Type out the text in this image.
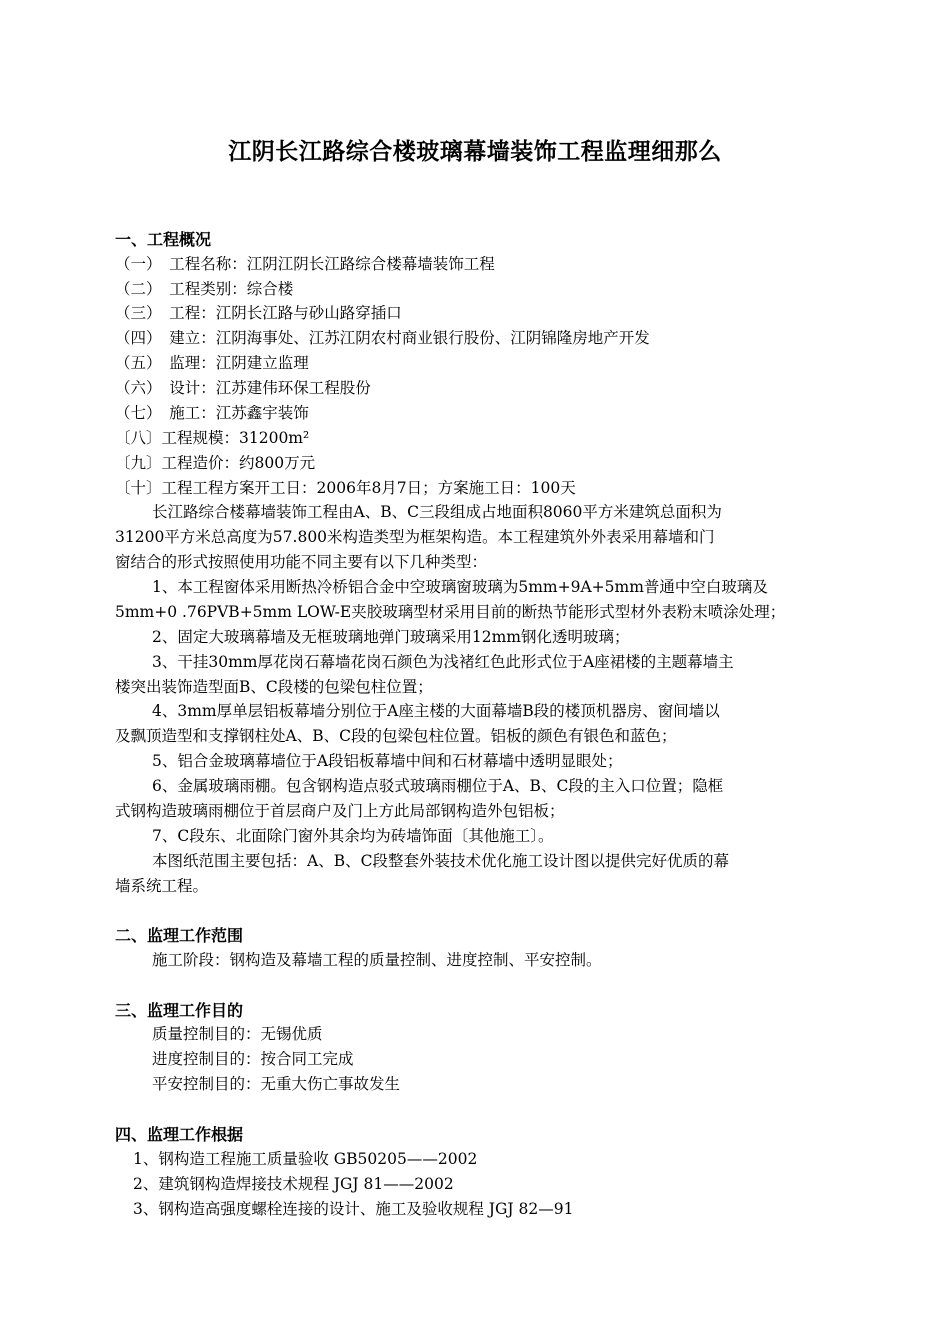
江阴长江路综合楼玻璃幕墙装饰工程监理细那么
一、工程概况
（一）　工程名称：江阴江阴长江路综合楼幕墙装饰工程
（二）　工程类别：综合楼
（三）　工程：江阴长江路与砂山路穿插口
（四）　建立：江阴海事处、江苏江阴农村商业银行股份、江阴锦隆房地产开发
（五）　监理：江阴建立监理
（六）　设计：江苏建伟环保工程股份
（七）　施工：江苏鑫宇装饰
〔八〕工程规模：31200m²
〔九〕工程造价：约800万元
〔十〕工程工程方案开工日：2006年8月7日；方案施工日：100天
长江路综合楼幕墙装饰工程由A、B、C三段组成占地面积8060平方米建筑总面积为
31200平方米总高度为57.800米构造类型为框架构造。本工程建筑外外表采用幕墙和门
窗结合的形式按照使用功能不同主要有以下几种类型：
1、本工程窗体采用断热冷桥铝合金中空玻璃窗玻璃为5mm+9A+5mm普通中空白玻璃及
5mm+0 .76PVB+5mm LOW-E夹胶玻璃型材采用目前的断热节能形式型材外表粉末喷涂处理；
2、固定大玻璃幕墙及无框玻璃地弹门玻璃采用12mm钢化透明玻璃；
3、干挂30mm厚花岗石幕墙花岗石颜色为浅褚红色此形式位于A座裙楼的主题幕墙主
楼突出装饰造型面B、C段楼的包梁包柱位置；
4、3mm厚单层铝板幕墙分别位于A座主楼的大面幕墙B段的楼顶机器房、窗间墙以
及飘顶造型和支撑钢柱处A、B、C段的包梁包柱位置。铝板的颜色有银色和蓝色；
5、铝合金玻璃幕墙位于A段铝板幕墙中间和石材幕墙中透明显眼处；
6、金属玻璃雨棚。包含钢构造点驳式玻璃雨棚位于A、B、C段的主入口位置；隐框
式钢构造玻璃雨棚位于首层商户及门上方此局部钢构造外包铝板；
7、C段东、北面除门窗外其余均为砖墙饰面〔其他施工〕。
本图纸范围主要包括：A、B、C段整套外装技术优化施工设计图以提供完好优质的幕
墙系统工程。
二、监理工作范围
施工阶段：钢构造及幕墙工程的质量控制、进度控制、平安控制。
三、监理工作目的
质量控制目的：无锡优质
进度控制目的：按合同工完成
平安控制目的：无重大伤亡事故发生
四、监理工作根据
1、钢构造工程施工质量验收 GB50205——2002
2、建筑钢构造焊接技术规程 JGJ 81——2002
3、钢构造高强度螺栓连接的设计、施工及验收规程 JGJ 82—91
